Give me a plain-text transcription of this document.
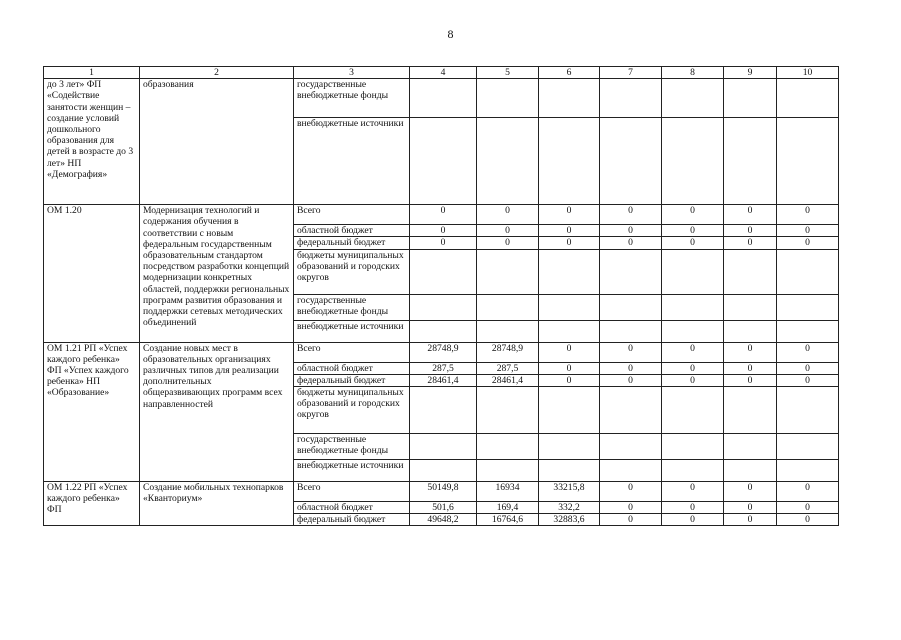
8
1	2	3	4	5	6	7	8	9	10
до 3 лет» ФП «Содействие занятости женщин – создание условий дошкольного образования для детей в возрасте до 3 лет» НП «Демография»	образования	государственные внебюджетные фонды							
		внебюджетные источники							
ОМ 1.20	Модернизация технологий и содержания обучения в соответствии с новым федеральным государственным образовательным стандартом посредством разработки концепций модернизации конкретных областей, поддержки региональных программ развития образования и поддержки сетевых методических объединений	Всего	0	0	0	0	0	0	0
		областной бюджет	0	0	0	0	0	0	0
		федеральный бюджет	0	0	0	0	0	0	0
		бюджеты муниципальных образований и городских округов							
		государственные внебюджетные фонды							
		внебюджетные источники							
ОМ 1.21 РП «Успех каждого ребенка» ФП «Успех каждого ребенка» НП «Образование»	Создание новых мест в образовательных организациях различных типов для реализации дополнительных общеразвивающих программ всех направленностей	Всего	28748,9	28748,9	0	0	0	0	0
		областной бюджет	287,5	287,5	0	0	0	0	0
		федеральный бюджет	28461,4	28461,4	0	0	0	0	0
		бюджеты муниципальных образований и городских округов							
		государственные внебюджетные фонды							
		внебюджетные источники							
ОМ 1.22 РП «Успех каждого ребенка» ФП	Создание мобильных технопарков «Кванториум»	Всего	50149,8	16934	33215,8	0	0	0	0
		областной бюджет	501,6	169,4	332,2	0	0	0	0
		федеральный бюджет	49648,2	16764,6	32883,6	0	0	0	0
